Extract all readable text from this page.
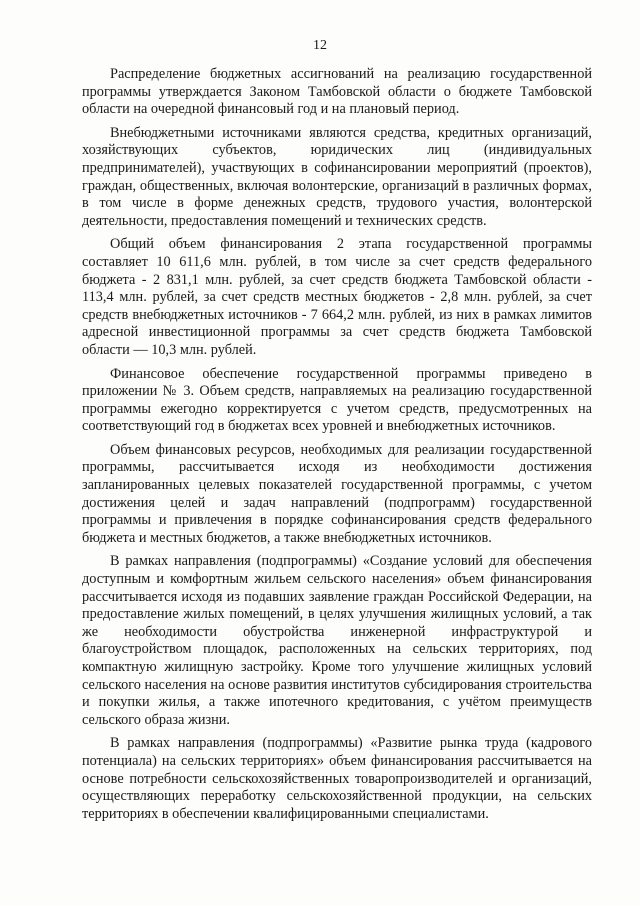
12

Распределение бюджетных ассигнований на реализацию государственной программы утверждается Законом Тамбовской области о бюджете Тамбовской области на очередной финансовый год и на плановый период.

Внебюджетными источниками являются средства, кредитных организаций, хозяйствующих субъектов, юридических лиц (индивидуальных предпринимателей), участвующих в софинансировании мероприятий (проектов), граждан, общественных, включая волонтерские, организаций в различных формах, в том числе в форме денежных средств, трудового участия, волонтерской деятельности, предоставления помещений и технических средств.

Общий объем финансирования 2 этапа государственной программы составляет 10 611,6 млн. рублей, в том числе за счет средств федерального бюджета - 2 831,1 млн. рублей, за счет средств бюджета Тамбовской области - 113,4 млн. рублей, за счет средств местных бюджетов - 2,8 млн. рублей, за счет средств внебюджетных источников - 7 664,2 млн. рублей, из них в рамках лимитов адресной инвестиционной программы за счет средств бюджета Тамбовской области — 10,3 млн. рублей.

Финансовое обеспечение государственной программы приведено в приложении № 3. Объем средств, направляемых на реализацию государственной программы ежегодно корректируется с учетом средств, предусмотренных на соответствующий год в бюджетах всех уровней и внебюджетных источников.

Объем финансовых ресурсов, необходимых для реализации государственной программы, рассчитывается исходя из необходимости достижения запланированных целевых показателей государственной программы, с учетом достижения целей и задач направлений (подпрограмм) государственной программы и привлечения в порядке софинансирования средств федерального бюджета и местных бюджетов, а также внебюджетных источников.

В рамках направления (подпрограммы) «Создание условий для обеспечения доступным и комфортным жильем сельского населения» объем финансирования рассчитывается исходя из подавших заявление граждан Российской Федерации, на предоставление жилых помещений, в целях улучшения жилищных условий, а так же необходимости обустройства инженерной инфраструктурой и благоустройством площадок, расположенных на сельских территориях, под компактную жилищную застройку. Кроме того улучшение жилищных условий сельского населения на основе развития институтов субсидирования строительства и покупки жилья, а также ипотечного кредитования, с учётом преимуществ сельского образа жизни.

В рамках направления (подпрограммы) «Развитие рынка труда (кадрового потенциала) на сельских территориях» объем финансирования рассчитывается на основе потребности сельскохозяйственных товаропроизводителей и организаций, осуществляющих переработку сельскохозяйственной продукции, на сельских территориях в обеспечении квалифицированными специалистами.
